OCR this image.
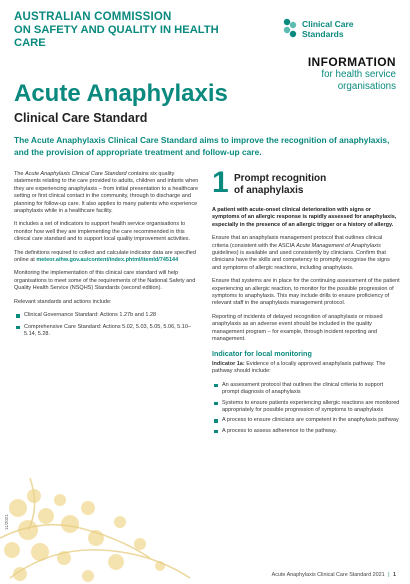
AUSTRALIAN COMMISSION
ON SAFETY AND QUALITY IN HEALTH CARE
Clinical Care
Standards
INFORMATION
for health service
organisations
Acute Anaphylaxis
Clinical Care Standard
The Acute Anaphylaxis Clinical Care Standard aims to improve the recognition of anaphylaxis, and the provision of appropriate treatment and follow-up care.

The Acute Anaphylaxis Clinical Care Standard contains six quality statements relating to the care provided to adults, children and infants when they are experiencing anaphylaxis – from initial presentation to a healthcare setting or first clinical contact in the community, through to discharge and planning for follow-up care. It also applies to many patients who experience anaphylaxis while in a healthcare facility.

It includes a set of indicators to support health service organisations to monitor how well they are implementing the care recommended in this clinical care standard and to support local quality improvement activities.

The definitions required to collect and calculate indicator data are specified online at meteor.aihw.gov.au/content/index.phtml/itemId/745144

Monitoring the implementation of this clinical care standard will help organisations to meet some of the requirements of the National Safety and Quality Health Service (NSQHS) Standards (second edition).

Relevant standards and actions include:

Clinical Governance Standard: Actions 1.27b and 1.28
Comprehensive Care Standard: Actions 5.02, 5.03, 5.05, 5.06, 5.10–5.14, 5.28.
1 Prompt recognition
of anaphylaxis

A patient with acute-onset clinical deterioration with signs or symptoms of an allergic response is rapidly assessed for anaphylaxis, especially in the presence of an allergic trigger or a history of allergy.

Ensure that an anaphylaxis management protocol that outlines clinical criteria (consistent with the ASCIA Acute Management of Anaphylaxis guidelines) is available and used consistently by clinicians. Confirm that clinicians have the skills and competency to promptly recognise the signs and symptoms of allergic reactions, including anaphylaxis.

Ensure that systems are in place for the continuing assessment of the patient experiencing an allergic reaction, to monitor for the possible progression of symptoms to anaphylaxis. This may include drills to ensure proficiency of relevant staff in the anaphylaxis management protocol.

Reporting of incidents of delayed recognition of anaphylaxis or missed anaphylaxis as an adverse event should be included in the quality management program – for example, through incident reporting and management.

Indicator for local monitoring

Indicator 1a: Evidence of a locally approved anaphylaxis pathway. The pathway should include:

An assessment protocol that outlines the clinical criteria to support prompt diagnosis of anaphylaxis
Systems to ensure patients experiencing allergic reactions are monitored appropriately for possible progression of symptoms to anaphylaxis
A process to ensure clinicians are competent in the anaphylaxis pathway
A process to assess adherence to the pathway.
11/2021
Acute Anaphylaxis Clinical Care Standard 2021 | 1
